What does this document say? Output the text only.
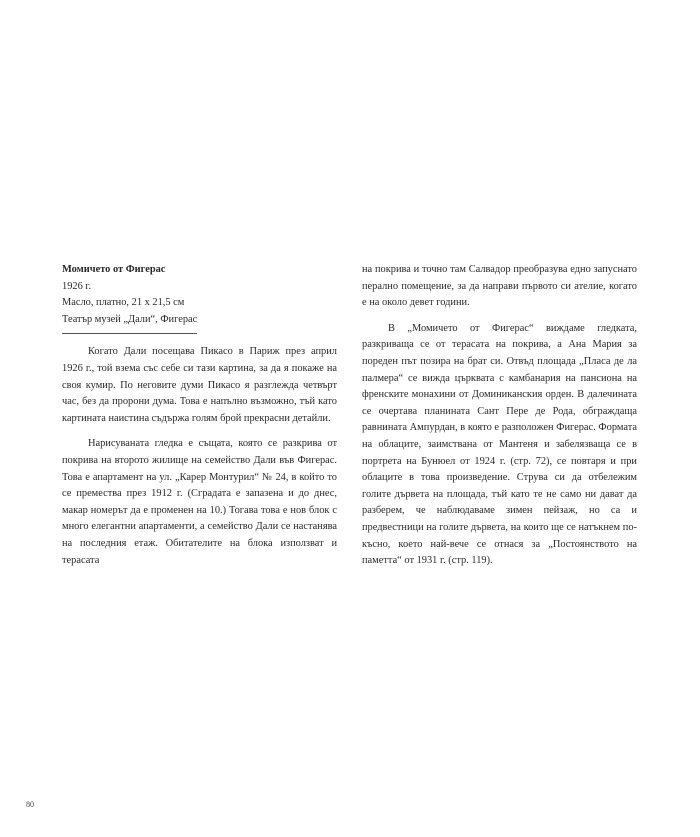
Момичето от Фигерас

1926 г.

Масло, платно, 21 х 21,5 см

Театър музей „Дали“, Фигерас

Когато Дали посещава Пикасо в Париж през април 1926 г., той взема със себе си тази картина, за да я покаже на своя кумир. По неговите думи Пикасо я разглежда четвърт час, без да пророни дума. Това е напълно възможно, тъй като картината наистина съдържа голям брой прекрасни детайли.

Нарисуваната гледка е същата, която се разкрива от покрива на второто жилище на семейство Дали във Фигерас. Това е апартамент на ул. „Карер Монтурил“ № 24, в който то се премества през 1912 г. (Сградата е запазена и до днес, макар номерът да е променен на 10.) Тогава това е нов блок с много елегантни апартаменти, а семейство Дали се настанява на последния етаж. Обитателите на блока използват и терасата

на покрива и точно там Салвадор преобразува едно запуснато перално помещение, за да направи първото си ателие, когато е на около девет години.

В „Момичето от Фигерас“ виждаме гледката, разкриваща се от терасата на покрива, а Ана Мария за пореден път позира на брат си. Отвъд площада „Пласа де ла палмера“ се вижда църквата с камбанария на пансиона на френските монахини от Доминиканския орден. В далечината се очертава планината Сант Пере де Рода, обграждаща равнината Ампурдан, в която е разположен Фигерас. Формата на облаците, заимствана от Мантеня и забелязваща се в портрета на Бунюел от 1924 г. (стр. 72), се повтаря и при облаците в това произведение. Струва си да отбележим голите дървета на площада, тъй като те не само ни дават да разберем, че наблюдаваме зимен пейзаж, но са и предвестници на голите дървета, на които ще се натъкнем по-късно, което най-вече се отнася за „Постоянството на паметта“ от 1931 г. (стр. 119).

80
